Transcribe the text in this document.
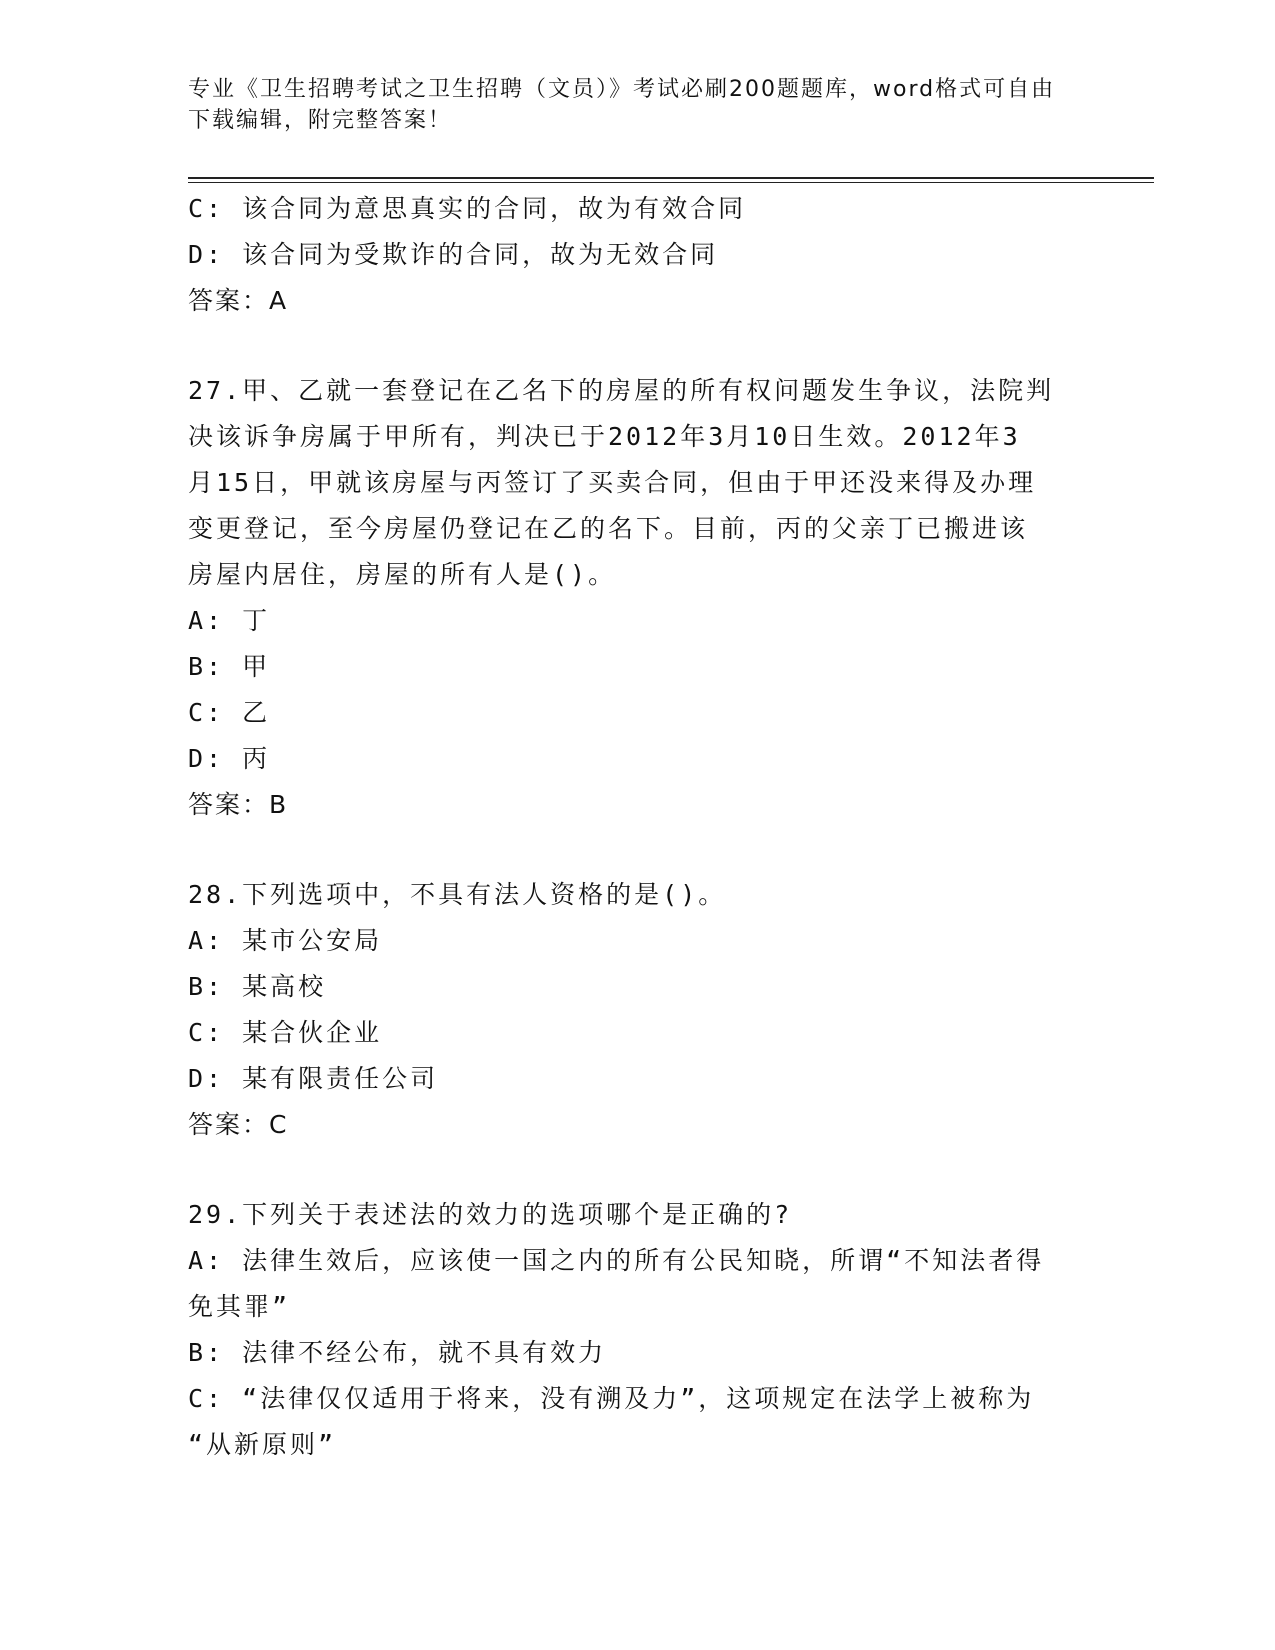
专业《卫生招聘考试之卫生招聘（文员）》考试必刷200题题库，word格式可自由下载编辑，附完整答案！
C: 该合同为意思真实的合同，故为有效合同
D: 该合同为受欺诈的合同，故为无效合同
答案：A
27.甲、乙就一套登记在乙名下的房屋的所有权问题发生争议，法院判
决该诉争房属于甲所有，判决已于2012年3月10日生效。2012年3
月15日，甲就该房屋与丙签订了买卖合同，但由于甲还没来得及办理
变更登记，至今房屋仍登记在乙的名下。目前，丙的父亲丁已搬进该
房屋内居住，房屋的所有人是()。
A: 丁
B: 甲
C: 乙
D: 丙
答案：B
28.下列选项中，不具有法人资格的是()。
A: 某市公安局
B: 某高校
C: 某合伙企业
D: 某有限责任公司
答案：C
29.下列关于表述法的效力的选项哪个是正确的?
A: 法律生效后，应该使一国之内的所有公民知晓，所谓“不知法者得
免其罪”
B: 法律不经公布，就不具有效力
C: “法律仅仅适用于将来，没有溯及力”，这项规定在法学上被称为
“从新原则”
